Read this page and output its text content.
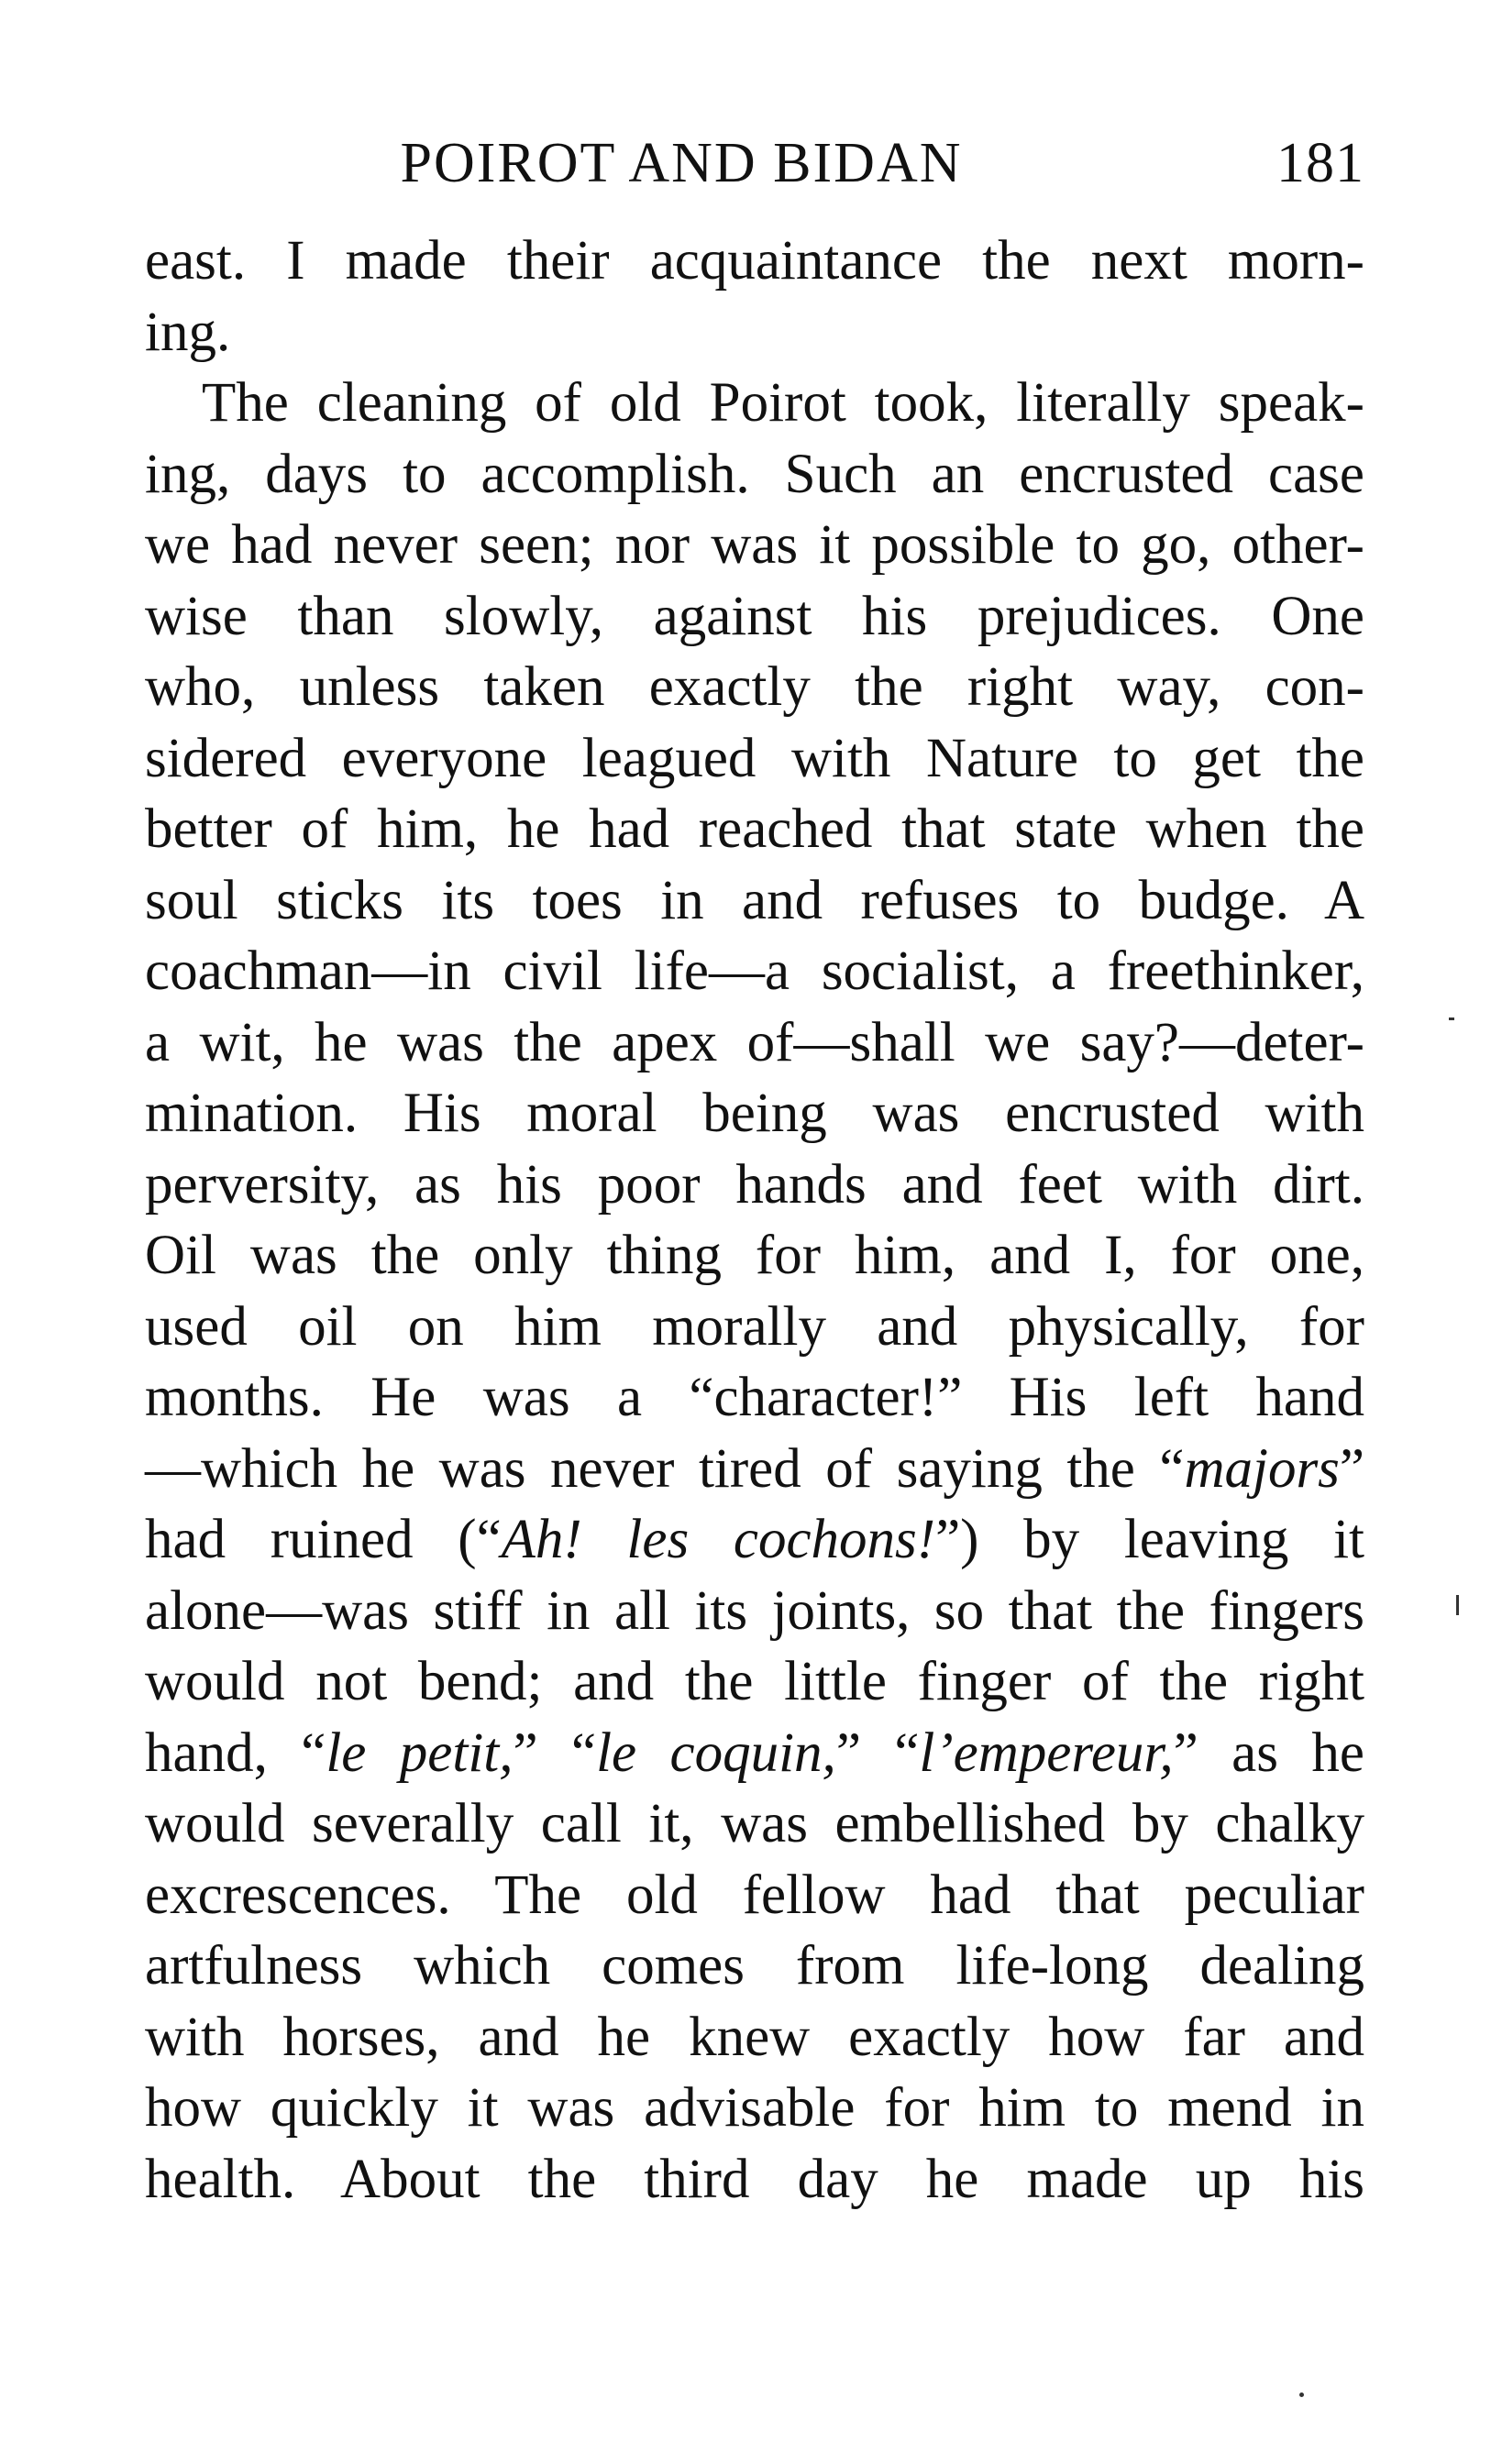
POIROT AND BIDAN	181
east. I made their acquaintance the next morn-
ing.
The cleaning of old Poirot took, literally speak-
ing, days to accomplish. Such an encrusted case
we had never seen; nor was it possible to go, other-
wise than slowly, against his prejudices. One
who, unless taken exactly the right way, con-
sidered everyone leagued with Nature to get the
better of him, he had reached that state when the
soul sticks its toes in and refuses to budge. A
coachman—in civil life—a socialist, a freethinker,
a wit, he was the apex of—shall we say?—deter-
mination. His moral being was encrusted with
perversity, as his poor hands and feet with dirt.
Oil was the only thing for him, and I, for one,
used oil on him morally and physically, for
months. He was a “character!” His left hand
—which he was never tired of saying the “majors”
had ruined (“Ah! les cochons!”) by leaving it
alone—was stiff in all its joints, so that the fingers
would not bend; and the little finger of the right
hand, “le petit,” “le coquin,” “l’empereur,” as he
would severally call it, was embellished by chalky
excrescences. The old fellow had that peculiar
artfulness which comes from life-long dealing
with horses, and he knew exactly how far and
how quickly it was advisable for him to mend in
health. About the third day he made up his
